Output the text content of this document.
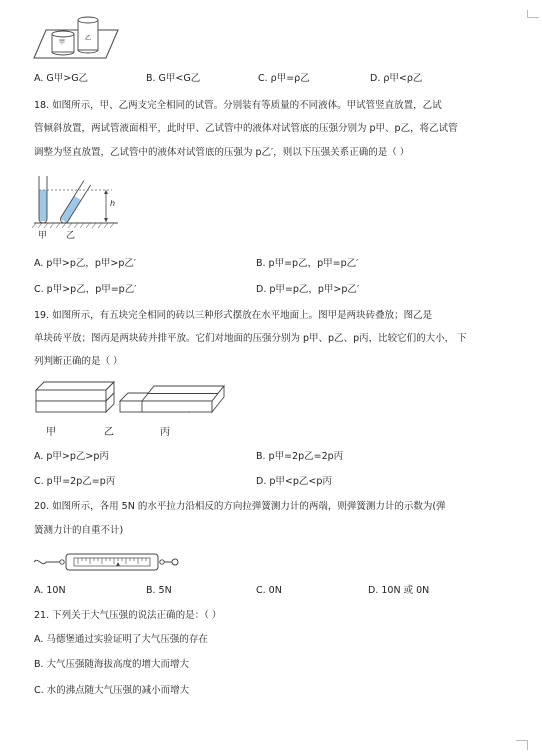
甲
乙
A. G甲>G乙	B. G甲<G乙	C. ρ甲=ρ乙	D. ρ甲<ρ乙
18. 如图所示，甲、乙两支完全相同的试管。分别装有等质量的不同液体。甲试管竖直放置，乙试
管倾斜放置，两试管液面相平，此时甲、乙试管中的液体对试管底的压强分别为 p甲、p乙，将乙试管
调整为竖直放置，乙试管中的液体对试管底的压强为 p乙′，则以下压强关系正确的是（ ）
h
甲 乙
A. p甲>p乙，p甲>p乙′	B. p甲=p乙，p甲=p乙′
C. p甲>p乙，p甲=p乙′	D. p甲=p乙，p甲>p乙′
19. 如图所示，有五块完全相同的砖以三种形式摆放在水平地面上。图甲是两块砖叠放；图乙是
单块砖平放；图丙是两块砖并排平放。它们对地面的压强分别为 p甲、p乙、p丙，比较它们的大小， 下
列判断正确的是（ ）
甲	乙	丙
A. p甲>p乙>p丙	B. p甲=2p乙=2p丙
C. p甲=2p乙=p丙	D. p甲<p乙<p丙
20. 如图所示，各用 5N 的水平拉力沿相反的方向拉弹簧测力计的两端，则弹簧测力计的示数为(弹
簧测力计的自重不计)
A. 10N	B. 5N	C. 0N	D. 10N 或 0N
21. 下列关于大气压强的说法正确的是：（ ）
A. 马德堡通过实验证明了大气压强的存在
B. 大气压强随海拔高度的增大而增大
C. 水的沸点随大气压强的减小而增大
